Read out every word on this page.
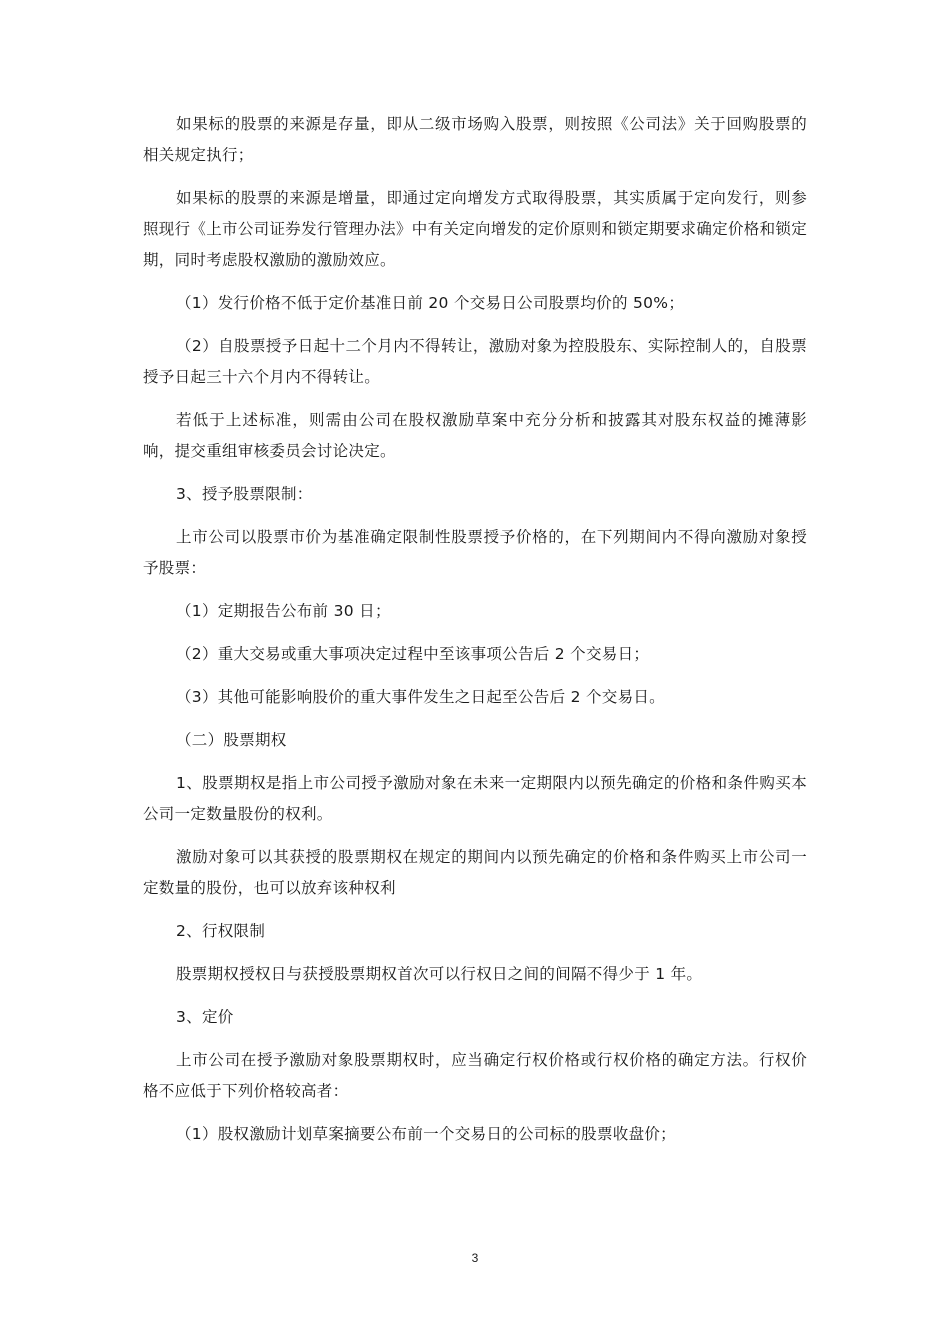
如果标的股票的来源是存量，即从二级市场购入股票，则按照《公司法》关于回购股票的相关规定执行；

如果标的股票的来源是增量，即通过定向增发方式取得股票，其实质属于定向发行，则参照现行《上市公司证券发行管理办法》中有关定向增发的定价原则和锁定期要求确定价格和锁定期，同时考虑股权激励的激励效应。

（1）发行价格不低于定价基准日前 20 个交易日公司股票均价的 50%；

（2）自股票授予日起十二个月内不得转让，激励对象为控股股东、实际控制人的，自股票授予日起三十六个月内不得转让。

若低于上述标准，则需由公司在股权激励草案中充分分析和披露其对股东权益的摊薄影响，提交重组审核委员会讨论决定。

3、授予股票限制：

上市公司以股票市价为基准确定限制性股票授予价格的，在下列期间内不得向激励对象授予股票：

（1）定期报告公布前 30 日；

（2）重大交易或重大事项决定过程中至该事项公告后 2 个交易日；

（3）其他可能影响股价的重大事件发生之日起至公告后 2 个交易日。

（二）股票期权

1、股票期权是指上市公司授予激励对象在未来一定期限内以预先确定的价格和条件购买本公司一定数量股份的权利。

激励对象可以其获授的股票期权在规定的期间内以预先确定的价格和条件购买上市公司一定数量的股份，也可以放弃该种权利

2、行权限制

股票期权授权日与获授股票期权首次可以行权日之间的间隔不得少于 1 年。

3、定价

上市公司在授予激励对象股票期权时，应当确定行权价格或行权价格的确定方法。行权价格不应低于下列价格较高者：

（1）股权激励计划草案摘要公布前一个交易日的公司标的股票收盘价；

3
